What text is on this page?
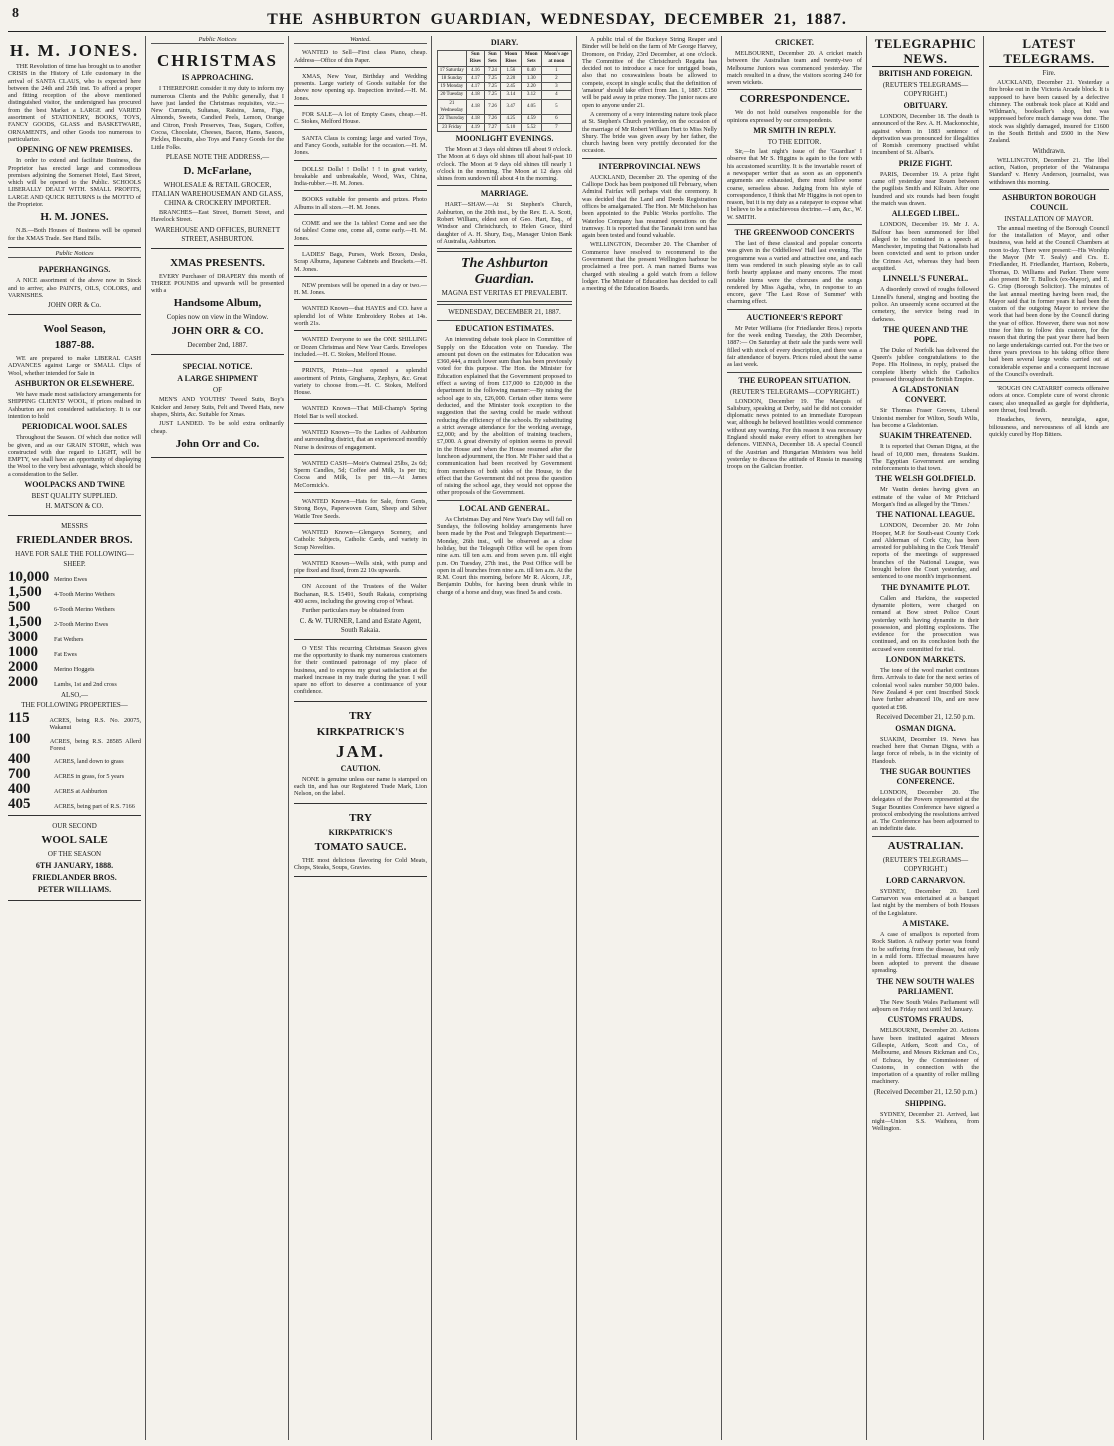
8	THE ASHBURTON GUARDIAN, WEDNESDAY, DECEMBER 21, 1887.
H. M. JONES.

THE Revolution of time has brought us to another CRISIS in the History of Life customary in the arrival of SANTA CLAUS, who is expected here between the 24th and 25th inst. To afford a proper and fitting reception of the above mentioned distinguished visitor, the undersigned has procured from the best Market a LARGE and VARIED assortment of STATIONERY, BOOKS, TOYS, FANCY GOODS, GLASS and BASKETWARE, ORNAMENTS, and other Goods too numerous to particularize.

OPENING OF NEW PREMISES.

In order to extend and facilitate Business, the Proprietor has erected large and commodious premises adjoining the Somerset Hotel, East Street, which will be opened to the Public. SCHOOLS LIBERALLY DEALT WITH. SMALL PROFITS, LARGE AND QUICK RETURNS is the MOTTO of the Proprietor.

H. M. JONES.

N.B.—Both Houses of Business will be opened for the XMAS Trade. See Hand Bills.

Public Notices
PAPERHANGINGS.

A NICE assortment of the above now in Stock and to arrive; also PAINTS, OILS, COLORS, and VARNISHES.

JOHN ORR & Co.
Wool Season,
1887-88.

WE are prepared to make LIBERAL CASH ADVANCES against Large or SMALL Clips of Wool, whether intended for Sale in

ASHBURTON OR ELSEWHERE.

We have made most satisfactory arrangements for SHIPPING CLIENTS' WOOL, if prices realised in Ashburton are not considered satisfactory. It is our intention to hold

PERIODICAL WOOL SALES

Throughout the Season. Of which due notice will be given, and as our GRAIN STORE, which was constructed with due regard to LIGHT, will be EMPTY, we shall have an opportunity of displaying the Wool to the very best advantage, which should be a consideration to the Seller.

WOOLPACKS AND TWINE
BEST QUALITY SUPPLIED.
H. MATSON & CO.
MESSRS
FRIEDLANDER BROS.
HAVE FOR SALE THE FOLLOWING—
SHEEP.
10,000 Merino Ewes
1,500	4-Tooth Merino Wethers
500	6-Tooth Merino Wethers
1,500	2-Tooth Merino Ewes
3000	Fat Wethers
1000	Fat Ewes
2000	Merino Hoggets
2000	Lambs, 1st and 2nd cross
ALSO,—
THE FOLLOWING PROPERTIES—
115	ACRES, being R.S. No. 20075, Wakanui
100	ACRES, being R.S. 28585 Allerd Forest
400	ACRES, land down to grass
700	ACRES in grass, for 5 years
400	ACRES at Ashburton
405	ACRES, being part of R.S. 7166
OUR SECOND
WOOL SALE
OF THE SEASON
6TH JANUARY, 1888.
FRIEDLANDER BROS.
PETER WILLIAMS.
Public Notices
CHRISTMAS
IS APPROACHING.

I THEREFORE consider it my duty to inform my numerous Clients and the Public generally, that I have just landed the Christmas requisites, viz.:— New Currants, Sultanas, Raisins, Jams, Figs, Almonds, Sweets, Candied Peels, Lemon, Orange and Citron, Fresh Preserves, Teas, Sugars, Coffee, Cocoa, Chocolate, Cheeses, Bacon, Hams, Sauces, Pickles, Biscuits, also Toys and Fancy Goods for the Little Folks.

PLEASE NOTE THE ADDRESS,—
D. McFarlane,
WHOLESALE & RETAIL GROCER, ITALIAN WAREHOUSEMAN AND GLASS, CHINA & CROCKERY IMPORTER.

BRANCHES—East Street, Burnett Street, and Havelock Street.

WAREHOUSE AND OFFICES, BURNETT STREET, ASHBURTON.
XMAS PRESENTS.

EVERY Purchaser of DRAPERY this month of THREE POUNDS and upwards will be presented with a

Handsome Album,
Copies now on view in the Window.
JOHN ORR & CO.
December 2nd, 1887.
SPECIAL NOTICE.
A LARGE SHIPMENT
OF

MEN'S AND YOUTHS' Tweed Suits, Boy's Knicker and Jersey Suits, Felt and Tweed Hats, new shapes, Shirts, &c. Suitable for Xmas.

JUST LANDED. To be sold extra ordinarily cheap.

John Orr and Co.
Wanted.

WANTED to Sell—First class Piano, cheap. Address—Office of this Paper.

XMAS, New Year, Birthday and Wedding presents. Large variety of Goods suitable for the above now opening up. Inspection invited.—H. M. Jones.

FOR SALE—A lot of Empty Cases, cheap.—H. C. Stokes, Melford House.

SANTA Claus is coming; large and varied Toys, and Fancy Goods, suitable for the occasion.—H. M. Jones.

DOLLS! Dolls! ! Dolls! ! ! in great variety, breakable and unbreakable, Wood, Wax, China, India-rubber.—H. M. Jones.

BOOKS suitable for presents and prizes. Photo Albums in all sizes.—H. M. Jones.

COME and see the 1s tables! Come and see the 6d tables! Come one, come all, come early.—H. M. Jones.

LADIES' Bags, Purses, Work Boxes, Desks, Scrap Albums, Japanese Cabinets and Brackets.—H. M. Jones.

NEW premises will be opened in a day or two.—H. M. Jones.

WANTED Known—that HAYES and CO. have a splendid lot of White Embroidery Robes at 14s. worth 21s.

WANTED Everyone to see the ONE SHILLING or Dozen Christmas and New Year Cards. Envelopes included.—H. C. Stokes, Melford House.

PRINTS, Prints—Just opened a splendid assortment of Prints, Ginghams, Zephyrs, &c. Great variety to choose from.—H. C. Stokes, Melford House.

WANTED Known—That Mill-Champ's Spring Hotel Bar is well stocked.

WANTED Known—To the Ladies of Ashburton and surrounding district, that an experienced monthly Nurse is desirous of engagement.

WANTED CASH—Moir's Oatmeal 25lbs, 2s 6d; Sperm Candles, 5d; Coffee and Milk, 1s per tin; Cocoa and Milk, 1s per tin.—At James McCormick's.

WANTED Known—Hats for Sale, from Gents, Strong Boys, Paperwoven Gum, Sheep and Silver Wattle Tree Seeds.

WANTED Known—Glengarys Scenery, and Catholic Subjects, Catholic Cards, and variety in Scrap Novelties.

WANTED Known—Wells sink, with pump and pipe fixed and fixed, from 22 10s upwards.

ON Account of the Trustees of the Walter Buchanan, R.S. 15491, South Rakaia, comprising 400 acres, including the growing crop of Wheat.

Further particulars may be obtained from

C. & W. TURNER, Land and Estate Agent, South Rakaia.

O YES! This recurring Christmas Season gives me the opportunity to thank my numerous customers for their continued patronage of my place of business, and to express my great satisfaction at the marked increase in my trade during the year. I will spare no effort to deserve a continuance of your confidence.

TRY
KIRKPATRICK'S
JAM.
CAUTION.

NONE is genuine unless our name is stamped on each tin, and has our Registered Trade Mark, Lion Nelson, on the label.

TRY
KIRKPATRICK'S
TOMATO SAUCE.

THE most delicious flavoring for Cold Meats, Chops, Steaks, Soups, Gravies.

DIARY.
	Sun Rises	Sun Sets	Moon Rises	Moon Sets	Moon's age at noon
17 Saturday	4.16	7.24	1.56	0.40	1
18 Sunday	4.17	7.25	2.20	1.30	2
19 Monday	4.17	7.25	2.45	2.20	3
20 Tuesday	4.18	7.25	3.14	3.12	4
21 Wednesday	4.18	7.26	3.47	4.05	5
22 Thursday	4.18	7.26	4.25	4.59	6
23 Friday	4.19	7.27	5.10	5.52	7
MOONLIGHT EVENINGS.

The Moon at 3 days old shines till about 9 o'clock. The Moon at 6 days old shines till about half-past 10 o'clock. The Moon at 9 days old shines till nearly 1 o'clock in the morning. The Moon at 12 days old shines from sundown till about 4 in the morning.

MARRIAGE.

HART—SHAW.—At St Stephen's Church, Ashburton, on the 20th inst., by the Rev. E. A. Scott, Robert William, eldest son of Geo. Hart, Esq., of Windsor and Christchurch, to Helen Grace, third daughter of A. H. Shury, Esq., Manager Union Bank of Australia, Ashburton.

The Ashburton Guardian.
MAGNA EST VERITAS ET PREVALEBIT.
WEDNESDAY, DECEMBER 21, 1887.
EDUCATION ESTIMATES.

An interesting debate took place in Committee of Supply on the Education vote on Tuesday. The amount put down on the estimates for Education was £360,444, a much lower sum than has been previously voted for this purpose. The Hon. the Minister for Education explained that the Government proposed to effect a saving of from £17,000 to £20,000 in the department in the following manner:—By raising the school age to six, £26,000. Certain other items were deducted, and the Minister took exception to the suggestion that the saving could be made without reducing the efficiency of the schools. By substituting a strict average attendance for the working average, £2,000; and by the abolition of training teachers, £7,000. A great diversity of opinion seems to prevail in the House and when the House resumed after the luncheon adjournment, the Hon. Mr Fisher said that a communication had been received by Government from members of both sides of the House, to the effect that the Government did not press the question of raising the school age, they would not oppose the other proposals of the Government.

LOCAL AND GENERAL.

As Christmas Day and New Year's Day will fall on Sundays, the following holiday arrangements have been made by the Post and Telegraph Department:—Monday, 26th inst., will be observed as a close holiday, but the Telegraph Office will be open from nine a.m. till ten a.m. and from seven p.m. till eight p.m. On Tuesday, 27th inst., the Post Office will be open in all branches from nine a.m. till ten a.m. At the R.M. Court this morning, before Mr R. Alcorn, J.P., Benjamin Dubbs, for having been drunk while in charge of a horse and dray, was fined 5s and costs.

A public trial of the Buckeye String Reaper and Binder will be held on the farm of Mr George Harvey, Dromore, on Friday, 23rd December, at one o'clock. The Committee of the Christchurch Regatta has decided not to introduce a race for unrigged boats, also that no coxswainless boats be allowed to compete, except in single sculls; that the definition of 'amateur' should take effect from Jan. 1, 1887. £150 will be paid away in prize money. The junior races are open to anyone under 21.

A ceremony of a very interesting nature took place at St. Stephen's Church yesterday, on the occasion of the marriage of Mr Robert William Hart to Miss Nelly Shury. The bride was given away by her father, the church having been very prettily decorated for the occasion.

INTERPROVINCIAL NEWS

AUCKLAND, December 20. The opening of the Calliope Dock has been postponed till February, when Admiral Fairfax will perhaps visit the ceremony. It was decided that the Land and Deeds Registration offices be amalgamated. The Hon. Mr Mitchelson has been appointed to the Public Works portfolio. The Waterloo Company has resumed operations on the tramway. It is reported that the Taranaki iron sand has again been tested and found valuable.

WELLINGTON, December 20. The Chamber of Commerce have resolved to recommend to the Government that the present Wellington harbour be proclaimed a free port. A man named Burns was charged with stealing a gold watch from a fellow lodger. The Minister of Education has decided to call a meeting of the Education Boards.

CRICKET.

MELBOURNE, December 20. A cricket match between the Australian team and twenty-two of Melbourne Juniors was commenced yesterday. The match resulted in a draw, the visitors scoring 240 for seven wickets.

CORRESPONDENCE.

We do not hold ourselves responsible for the opinions expressed by our correspondents.

MR SMITH IN REPLY.
TO THE EDITOR.

Sir,—In last night's issue of the 'Guardian' I observe that Mr S. Higgins is again to the fore with his accustomed scurrility. It is the invariable resort of a newspaper writer that as soon as an opponent's arguments are exhausted, there must follow some coarse, senseless abuse. Judging from his style of correspondence, I think that Mr Higgins is not open to reason, but it is my duty as a ratepayer to expose what I believe to be a mischievous doctrine.—I am, &c., W. W. SMITH.

THE GREENWOOD CONCERTS

The last of these classical and popular concerts was given in the Oddfellows' Hall last evening. The programme was a varied and attractive one, and each item was rendered in such pleasing style as to call forth hearty applause and many encores. The most notable items were the choruses and the songs rendered by Miss Agatha, who, in response to an encore, gave 'The Last Rose of Summer' with charming effect.

AUCTIONEER'S REPORT

Mr Peter Williams (for Friedlander Bros.) reports for the week ending Tuesday, the 20th December, 1887:— On Saturday at their sale the yards were well filled with stock of every description, and there was a fair attendance of buyers. Prices ruled about the same as last week.

THE EUROPEAN SITUATION.
(REUTER'S TELEGRAMS—COPYRIGHT.)

LONDON, December 19. The Marquis of Salisbury, speaking at Derby, said he did not consider diplomatic news pointed to an immediate European war, although he believed hostilities would commence without any warning. For this reason it was necessary England should make every effort to strengthen her defences. VIENNA, December 18. A special Council of the Austrian and Hungarian Ministers was held yesterday to discuss the attitude of Russia in massing troops on the Galician frontier.

TELEGRAPHIC NEWS.
BRITISH AND FOREIGN.
(REUTER'S TELEGRAMS—COPYRIGHT.)
OBITUARY.

LONDON, December 18. The death is announced of the Rev. A. H. Mackonochie, against whom in 1883 sentence of deprivation was pronounced for illegalities of Romish ceremony practised whilst incumbent of St. Alban's.

PRIZE FIGHT.

PARIS, December 19. A prize fight came off yesterday near Rouen between the pugilists Smith and Kilrain. After one hundred and six rounds had been fought the match was drawn.

ALLEGED LIBEL.

LONDON, December 19. Mr J. A. Balfour has been summoned for libel alleged to be contained in a speech at Manchester, imputing that Nationalists had been convicted and sent to prison under the Crimes Act, whereas they had been acquitted.

LINNELL'S FUNERAL.

A disorderly crowd of roughs followed Linnell's funeral, singing and booting the police. An unseemly scene occurred at the cemetery, the service being read in darkness.

THE QUEEN AND THE POPE.

The Duke of Norfolk has delivered the Queen's jubilee congratulations to the Pope. His Holiness, in reply, praised the complete liberty which the Catholics possessed throughout the British Empire.

A GLADSTONIAN CONVERT.

Sir Thomas Fraser Groves, Liberal Unionist member for Wilton, South Wilts, has become a Gladstonian.

SUAKIM THREATENED.

It is reported that Osman Digna, at the head of 10,000 men, threatens Suakim. The Egyptian Government are sending reinforcements to that town.

THE WELSH GOLDFIELD.

Mr Vautin denies having given an estimate of the value of Mr Pritchard Morgan's find as alleged by the 'Times.'

THE NATIONAL LEAGUE.

LONDON, December 20. Mr John Hooper, M.P. for South-east County Cork and Alderman of Cork City, has been arrested for publishing in the Cork 'Herald' reports of the meetings of suppressed branches of the National League, was brought before the Court yesterday, and sentenced to one month's imprisonment.

THE DYNAMITE PLOT.

Callen and Harkins, the suspected dynamite plotters, were charged on remand at Bow street Police Court yesterday with having dynamite in their possession, and plotting explosions. The evidence for the prosecution was continued, and on its conclusion both the accused were committed for trial.

LONDON MARKETS.

The tone of the wool market continues firm. Arrivals to date for the next series of colonial wool sales number 50,000 bales. New Zealand 4 per cent Inscribed Stock have further advanced 10s, and are now quoted at £98.

Received December 21, 12.50 p.m.
OSMAN DIGNA.

SUAKIM, December 19. News has reached here that Osman Digna, with a large force of rebels, is in the vicinity of Handoub.

THE SUGAR BOUNTIES CONFERENCE.

LONDON, December 20. The delegates of the Powers represented at the Sugar Bounties Conference have signed a protocol embodying the resolutions arrived at. The Conference has been adjourned to an indefinite date.

AUSTRALIAN.
(REUTER'S TELEGRAMS—COPYRIGHT.)
LORD CARNARVON.

SYDNEY, December 20. Lord Carnarvon was entertained at a banquet last night by the members of both Houses of the Legislature.

A MISTAKE.

A case of smallpox is reported from Rock Station. A railway porter was found to be suffering from the disease, but only in a mild form. Effectual measures have been adopted to prevent the disease spreading.

THE NEW SOUTH WALES PARLIAMENT.

The New South Wales Parliament will adjourn on Friday next until 3rd January.

CUSTOMS FRAUDS.

MELBOURNE, December 20. Actions have been instituted against Messrs Gillespie, Aitken, Scott and Co., of Melbourne, and Messrs Rickman and Co., of Echuca, by the Commissioner of Customs, in connection with the importation of a quantity of roller milling machinery.

(Received December 21, 12.50 p.m.)
SHIPPING.

SYDNEY, December 21. Arrived, last night—Union S.S. Waihora, from Wellington.

LATEST TELEGRAMS.
Fire.

AUCKLAND, December 21. Yesterday a fire broke out in the Victoria Arcade block. It is supposed to have been caused by a defective chimney. The outbreak took place at Kidd and Wildman's, bookseller's shop, but was suppressed before much damage was done. The stock was slightly damaged, insured for £1600 in the South British and £600 in the New Zealand.

Withdrawn.

WELLINGTON, December 21. The libel action, Nation, proprietor of the 'Wairarapa Standard' v. Henry Anderson, journalist, was withdrawn this morning.

ASHBURTON BOROUGH COUNCIL
INSTALLATION OF MAYOR.

The annual meeting of the Borough Council for the installation of Mayor, and other business, was held at the Council Chambers at noon to-day. There were present:—His Worship the Mayor (Mr T. Sealy) and Crs. E. Friedlander, H. Friedlander, Harrison, Roberts, Thomas, D. Williams and Parker. There were also present Mr T. Bullock (ex-Mayor), and E. G. Crisp (Borough Solicitor). The minutes of the last annual meeting having been read, the Mayor said that in former years it had been the custom of the outgoing Mayor to review the work that had been done by the Council during the year of office. However, there was not now time for him to follow this custom, for the reason that during the past year there had been no large undertakings carried out. For the two or three years previous to his taking office there had been several large works carried out at considerable expense and a consequent increase of the Council's overdraft.

'ROUGH ON CATARRH' corrects offensive odors at once. Complete cure of worst chronic cases; also unequalled as gargle for diphtheria, sore throat, foul breath.

Headaches, fevers, neuralgia, ague, biliousness, and nervousness of all kinds are quickly cured by Hop Bitters.
